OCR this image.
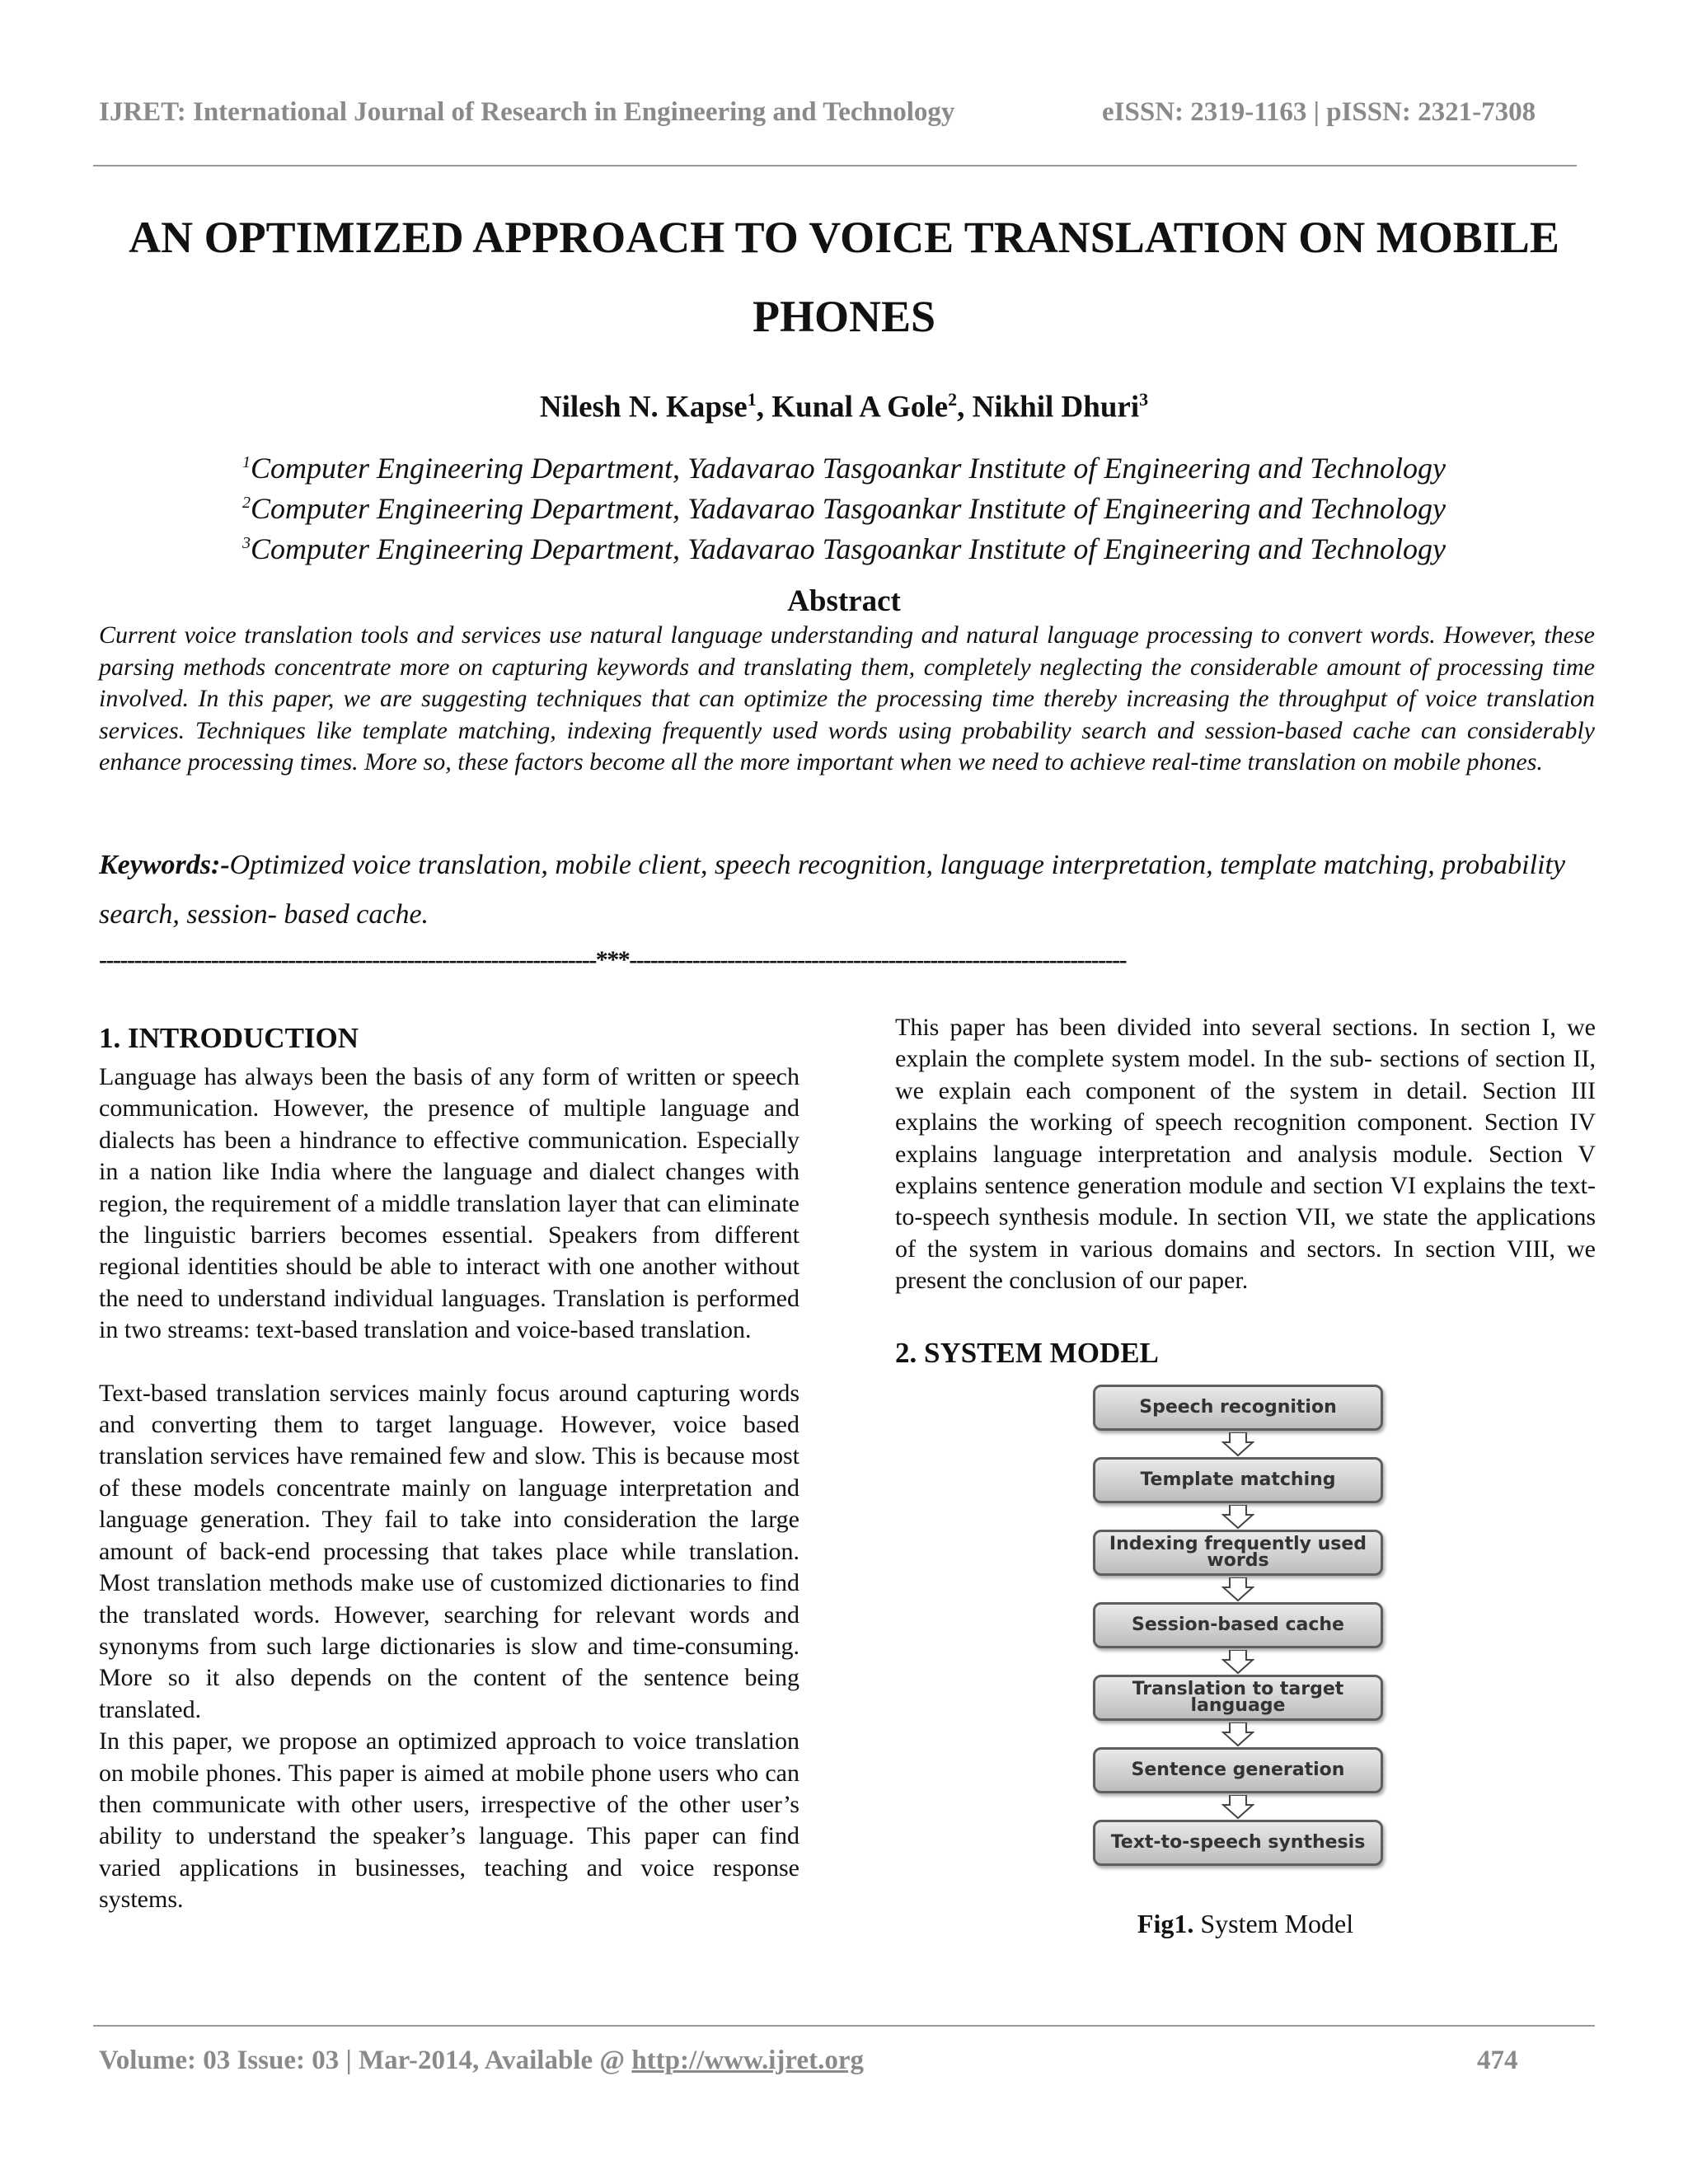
IJRET: International Journal of Research in Engineering and Technology	eISSN: 2319-1163 | pISSN: 2321-7308
AN OPTIMIZED APPROACH TO VOICE TRANSLATION ON MOBILE
PHONES
Nilesh N. Kapse$^1$, Kunal A Gole$^2$, Nikhil Dhuri$^3$
$^1$Computer Engineering Department, Yadavarao Tasgoankar Institute of Engineering and Technology
$^2$Computer Engineering Department, Yadavarao Tasgoankar Institute of Engineering and Technology
$^3$Computer Engineering Department, Yadavarao Tasgoankar Institute of Engineering and Technology
Abstract
Current voice translation tools and services use natural language understanding and natural language processing to convert words. However, these parsing methods concentrate more on capturing keywords and translating them, completely neglecting the considerable amount of processing time involved. In this paper, we are suggesting techniques that can optimize the processing time thereby increasing the throughput of voice translation services. Techniques like template matching, indexing frequently used words using probability search and session-based cache can considerably enhance processing times. More so, these factors become all the more important when we need to achieve real-time translation on mobile phones.
Keywords:-Optimized voice translation, mobile client, speech recognition, language interpretation, template matching, probability search, session- based cache.
-----------------------------------------------------------------------***-----------------------------------------------------------------------
1. INTRODUCTION

Language has always been the basis of any form of written or speech communication. However, the presence of multiple language and dialects has been a hindrance to effective communication. Especially in a nation like India where the language and dialect changes with region, the requirement of a middle translation layer that can eliminate the linguistic barriers becomes essential. Speakers from different regional identities should be able to interact with one another without the need to understand individual languages. Translation is performed in two streams: text-based translation and voice-based translation.

Text-based translation services mainly focus around capturing words and converting them to target language. However, voice based translation services have remained few and slow. This is because most of these models concentrate mainly on language interpretation and language generation. They fail to take into consideration the large amount of back-end processing that takes place while translation. Most translation methods make use of customized dictionaries to find the translated words. However, searching for relevant words and synonyms from such large dictionaries is slow and time-consuming. More so it also depends on the content of the sentence being translated.

In this paper, we propose an optimized approach to voice translation on mobile phones. This paper is aimed at mobile phone users who can then communicate with other users, irrespective of the other user’s ability to understand the speaker’s language. This paper can find varied applications in businesses, teaching and voice response systems.

This paper has been divided into several sections. In section I, we explain the complete system model. In the sub- sections of section II, we explain each component of the system in detail. Section III explains the working of speech recognition component. Section IV explains language interpretation and analysis module. Section V explains sentence generation module and section VI explains the text-to-speech synthesis module. In section VII, we state the applications of the system in various domains and sectors. In section VIII, we present the conclusion of our paper.

2. SYSTEM MODEL
Speech recognition
Template matching
Indexing frequently used words
Session-based cache
Translation to target language
Sentence generation
Text-to-speech synthesis
Fig1. System Model
Volume: 03 Issue: 03 | Mar-2014, Available @ http://www.ijret.org	474
